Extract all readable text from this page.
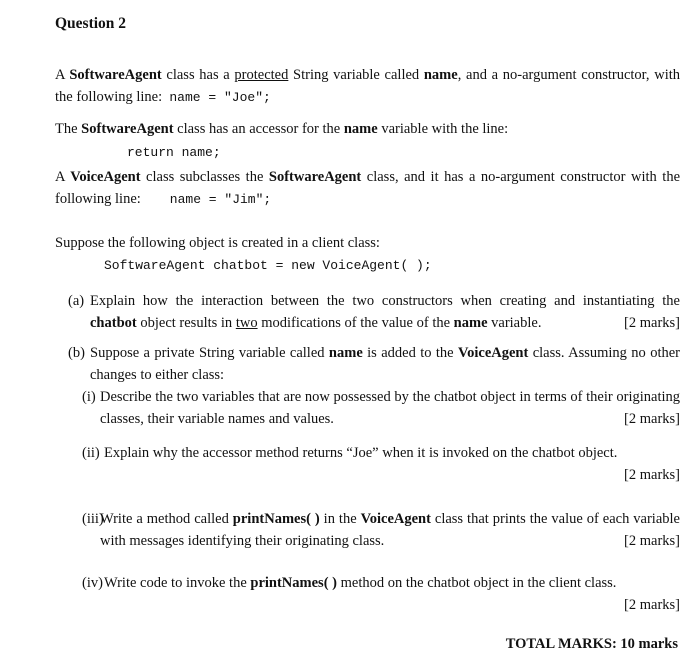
Question 2
A SoftwareAgent class has a protected String variable called name, and a no-argument constructor, with the following line: name = "Joe";
The SoftwareAgent class has an accessor for the name variable with the line:
return name;
A VoiceAgent class subclasses the SoftwareAgent class, and it has a no-argument constructor with the following line: name = "Jim";
Suppose the following object is created in a client class:
SoftwareAgent chatbot = new VoiceAgent( );
(a) Explain how the interaction between the two constructors when creating and instantiating the chatbot object results in two modifications of the value of the name variable.	[2 marks]
(b) Suppose a private String variable called name is added to the VoiceAgent class. Assuming no other changes to either class:
(i) Describe the two variables that are now possessed by the chatbot object in terms of their originating classes, their variable names and values.	[2 marks]
(ii) Explain why the accessor method returns “Joe” when it is invoked on the chatbot object.
[2 marks]
(iii)
Write a method called printNames( ) in the VoiceAgent class that prints the value of each variable with messages identifying their originating class.	[2 marks]
(iv) Write code to invoke the printNames( ) method on the chatbot object in the client class.
[2 marks]
TOTAL MARKS: 10 marks
